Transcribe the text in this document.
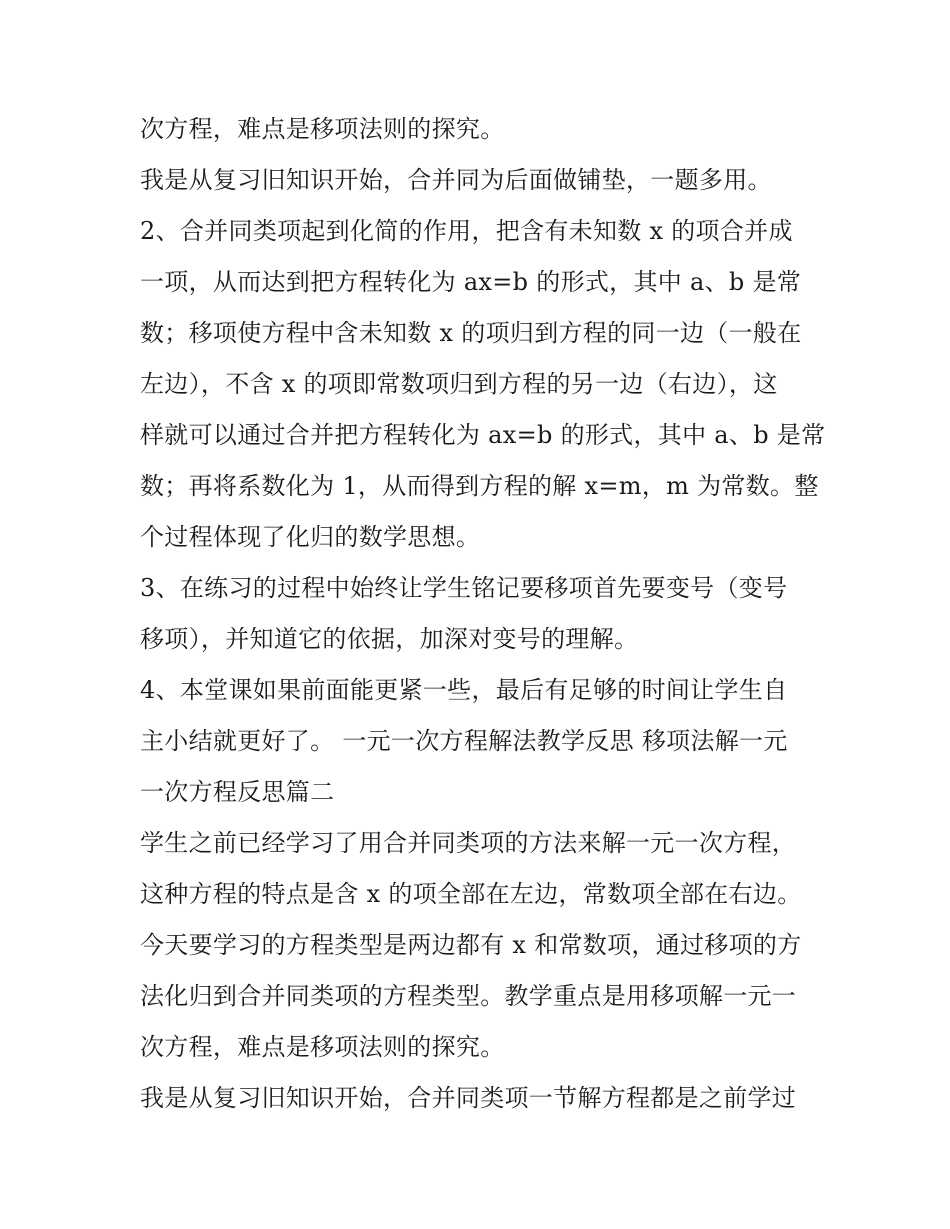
次方程，难点是移项法则的探究。
我是从复习旧知识开始，合并同为后面做铺垫，一题多用。
2、合并同类项起到化简的作用，把含有未知数 x 的项合并成
一项，从而达到把方程转化为 ax=b 的形式，其中 a、b 是常
数；移项使方程中含未知数 x 的项归到方程的同一边（一般在
左边），不含 x 的项即常数项归到方程的另一边（右边），这
样就可以通过合并把方程转化为 ax=b 的形式，其中 a、b 是常
数；再将系数化为 1，从而得到方程的解 x=m，m 为常数。整
个过程体现了化归的数学思想。
3、在练习的过程中始终让学生铭记要移项首先要变号（变号
移项），并知道它的依据，加深对变号的理解。
4、本堂课如果前面能更紧一些，最后有足够的时间让学生自
主小结就更好了。 一元一次方程解法教学反思 移项法解一元
一次方程反思篇二
学生之前已经学习了用合并同类项的方法来解一元一次方程，
这种方程的特点是含 x 的项全部在左边，常数项全部在右边。
今天要学习的方程类型是两边都有 x 和常数项，通过移项的方
法化归到合并同类项的方程类型。教学重点是用移项解一元一
次方程，难点是移项法则的探究。
我是从复习旧知识开始，合并同类项一节解方程都是之前学过
